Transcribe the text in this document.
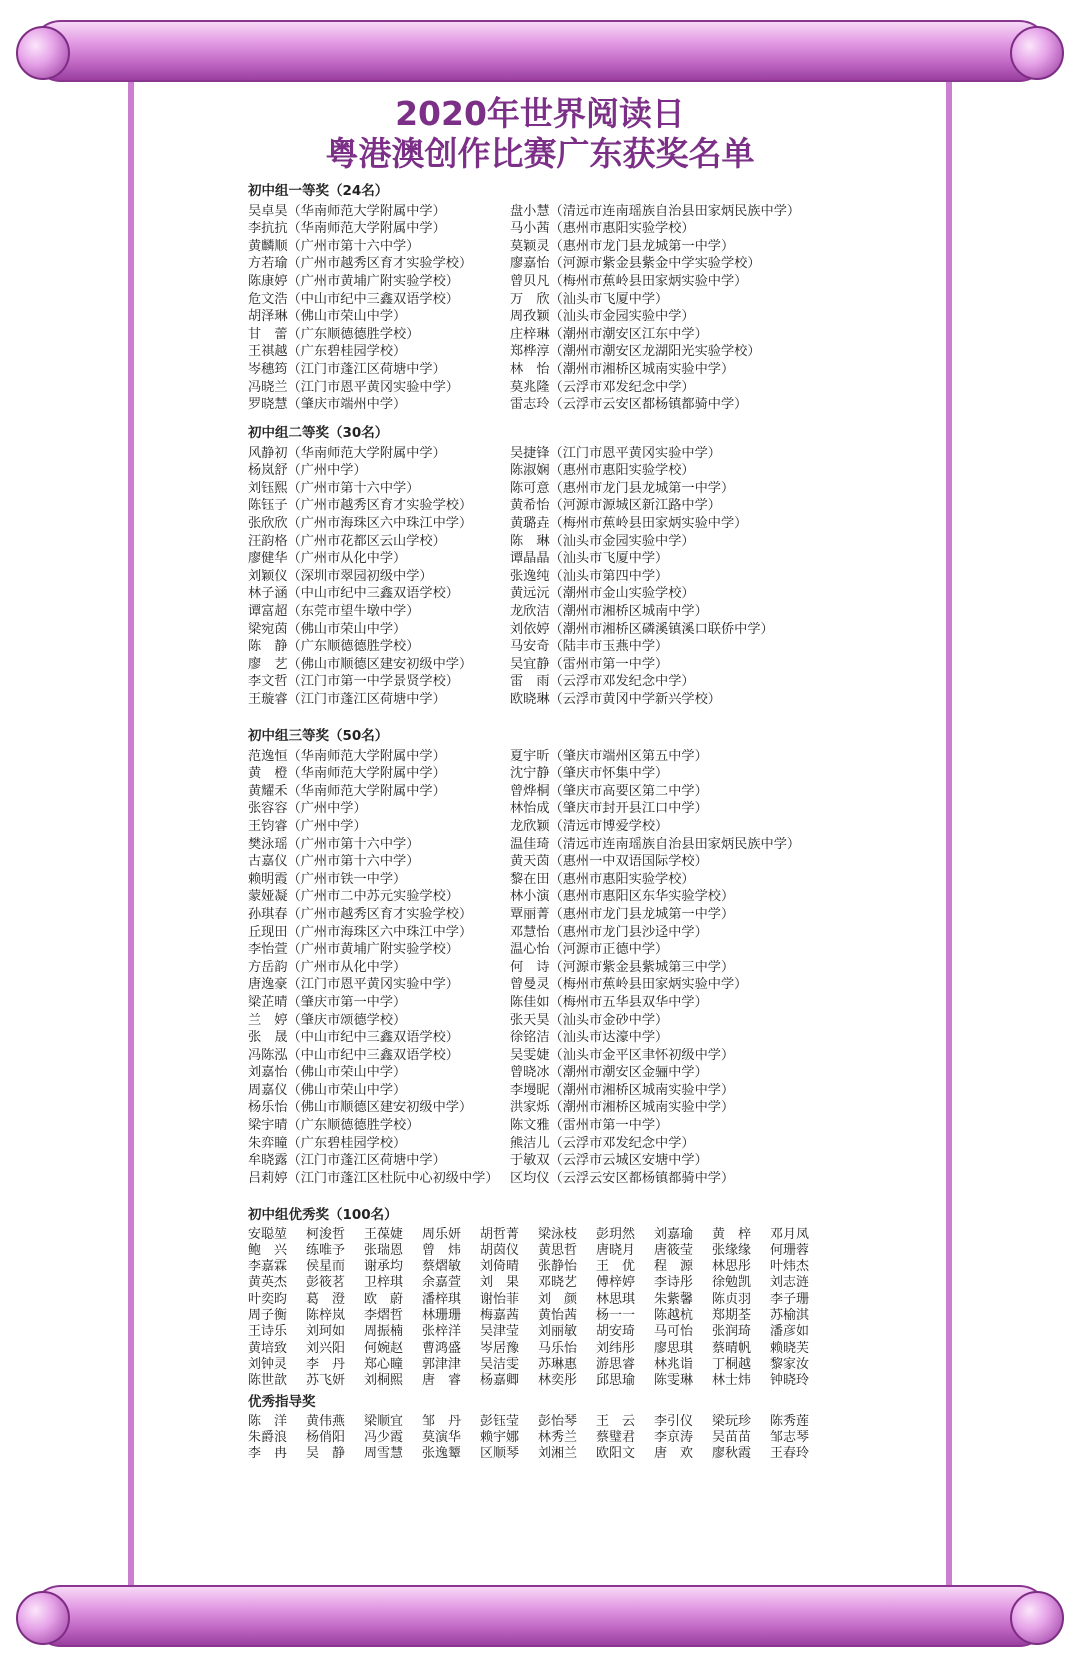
2020年世界阅读日
粤港澳创作比赛广东获奖名单
初中组一等奖（24名）
吴卓昊（华南师范大学附属中学）
李抗抗（华南师范大学附属中学）
黄麟顺（广州市第十六中学）
方若瑜（广州市越秀区育才实验学校）
陈康婷（广州市黄埔广附实验学校）
危文浩（中山市纪中三鑫双语学校）
胡泽琳（佛山市荣山中学）
甘　蕾（广东顺德德胜学校）
王祺越（广东碧桂园学校）
岑穗筠（江门市蓬江区荷塘中学）
冯晓兰（江门市恩平黄冈实验中学）
罗晓慧（肇庆市端州中学）
盘小慧（清远市连南瑶族自治县田家炳民族中学）
马小茜（惠州市惠阳实验学校）
莫颖灵（惠州市龙门县龙城第一中学）
廖嘉怡（河源市紫金县紫金中学实验学校）
曾贝凡（梅州市蕉岭县田家炳实验中学）
万　欣（汕头市飞厦中学）
周孜颖（汕头市金园实验中学）
庄梓琳（潮州市潮安区江东中学）
郑桦淳（潮州市潮安区龙湖阳光实验学校）
林　怡（潮州市湘桥区城南实验中学）
莫兆隆（云浮市邓发纪念中学）
雷志玲（云浮市云安区都杨镇都骑中学）
初中组二等奖（30名）
风静初（华南师范大学附属中学）
杨岚舒（广州中学）
刘钰熙（广州市第十六中学）
陈钰子（广州市越秀区育才实验学校）
张欣欣（广州市海珠区六中珠江中学）
汪韵格（广州市花都区云山学校）
廖健华（广州市从化中学）
刘颖仪（深圳市翠园初级中学）
林子涵（中山市纪中三鑫双语学校）
谭富超（东莞市望牛墩中学）
梁宛茵（佛山市荣山中学）
陈　静（广东顺德德胜学校）
廖　艺（佛山市顺德区建安初级中学）
李文哲（江门市第一中学景贤学校）
王璇睿（江门市蓬江区荷塘中学）
吴捷锋（江门市恩平黄冈实验中学）
陈淑娴（惠州市惠阳实验学校）
陈可意（惠州市龙门县龙城第一中学）
黄希怡（河源市源城区新江路中学）
黄璐垚（梅州市蕉岭县田家炳实验中学）
陈　琳（汕头市金园实验中学）
谭晶晶（汕头市飞厦中学）
张逸纯（汕头市第四中学）
黄远沅（潮州市金山实验学校）
龙欣洁（潮州市湘桥区城南中学）
刘依婷（潮州市湘桥区磷溪镇溪口联侨中学）
马安奇（陆丰市玉燕中学）
吴宜静（雷州市第一中学）
雷　雨（云浮市邓发纪念中学）
欧晓琳（云浮市黄冈中学新兴学校）
初中组三等奖（50名）
范逸恒（华南师范大学附属中学）
黄　橙（华南师范大学附属中学）
黄耀禾（华南师范大学附属中学）
张容容（广州中学）
王钧睿（广州中学）
樊泳瑶（广州市第十六中学）
古嘉仪（广州市第十六中学）
赖明霞（广州市铁一中学）
蒙娅凝（广州市二中苏元实验学校）
孙琪春（广州市越秀区育才实验学校）
丘现田（广州市海珠区六中珠江中学）
李怡萱（广州市黄埔广附实验学校）
方岳韵（广州市从化中学）
唐逸豪（江门市恩平黄冈实验中学）
梁芷晴（肇庆市第一中学）
兰　婷（肇庆市颂德学校）
张　晟（中山市纪中三鑫双语学校）
冯陈泓（中山市纪中三鑫双语学校）
刘嘉怡（佛山市荣山中学）
周嘉仪（佛山市荣山中学）
杨乐怡（佛山市顺德区建安初级中学）
梁宇晴（广东顺德德胜学校）
朱弈瞳（广东碧桂园学校）
牟晓露（江门市蓬江区荷塘中学）
吕莉婷（江门市蓬江区杜阮中心初级中学）
夏宇昕（肇庆市端州区第五中学）
沈宁静（肇庆市怀集中学）
曾烨桐（肇庆市高要区第二中学）
林怡成（肇庆市封开县江口中学）
龙欣颖（清远市博爱学校）
温佳琦（清远市连南瑶族自治县田家炳民族中学）
黄天茵（惠州一中双语国际学校）
黎在田（惠州市惠阳实验学校）
林小演（惠州市惠阳区东华实验学校）
覃丽菁（惠州市龙门县龙城第一中学）
邓慧怡（惠州市龙门县沙迳中学）
温心怡（河源市正德中学）
何　诗（河源市紫金县紫城第三中学）
曾曼灵（梅州市蕉岭县田家炳实验中学）
陈佳如（梅州市五华县双华中学）
张天昊（汕头市金砂中学）
徐铭洁（汕头市达濠中学）
吴雯婕（汕头市金平区聿怀初级中学）
曾晓冰（潮州市潮安区金骊中学）
李墁昵（潮州市湘桥区城南实验中学）
洪家烁（潮州市湘桥区城南实验中学）
陈文雅（雷州市第一中学）
熊洁儿（云浮市邓发纪念中学）
于敏双（云浮市云城区安塘中学）
区均仪（云浮云安区都杨镇都骑中学）
初中组优秀奖（100名）
安聪堃	柯浚哲	王葆婕	周乐妍	胡哲菁	梁泳枝	彭玥然	刘嘉瑜	黄　梓	邓月凤
鲍　兴	练唯予	张瑞恩	曾　炜	胡茵仪	黄思哲	唐晓月	唐筱莹	张缘缘	何珊蓉
李嘉霖	侯星而	谢承均	蔡熠敏	刘倚晴	张静怡	王　优	程　源	林思彤	叶炜杰
黄英杰	彭筱茗	卫梓琪	余嘉萱	刘　果	邓晓艺	傅梓婷	李诗彤	徐勉凯	刘志涟
叶奕昀	葛　澄	欧　蔚	潘梓琪	谢怡菲	刘　颜	林思琪	朱紫馨	陈贞羽	李子珊
周子衡	陈梓岚	李熠哲	林珊珊	梅嘉茜	黄怡茜	杨一一	陈越杭	郑期荃	苏榆淇
王诗乐	刘珂如	周振楠	张梓洋	吴津莹	刘丽敏	胡安琦	马可怡	张润琦	潘彦如
黄培致	刘兴阳	何婉赵	曹鸿盛	岑居豫	马乐怡	刘纬彤	廖思琪	蔡晴帆	赖晓芙
刘钟灵	李　丹	郑心瞳	郭津津	吴洁雯	苏琳惠	游思睿	林兆诣	丁桐越	黎家汝
陈世歆	苏飞妍	刘桐熙	唐　睿	杨嘉卿	林奕彤	邱思瑜	陈雯琳	林士炜	钟晓玲
优秀指导奖
陈　洋	黄伟燕	梁顺宜	邹　丹	彭钰莹	彭怡琴	王　云	李引仪	梁玩珍	陈秀莲
朱爵浪	杨俏阳	冯少霞	莫演华	赖宇娜	林秀兰	蔡璧君	李京涛	吴苗苗	邹志琴
李　冉	吴　静	周雪慧	张逸颦	区顺琴	刘湘兰	欧阳文	唐　欢	廖秋霞	王春玲
